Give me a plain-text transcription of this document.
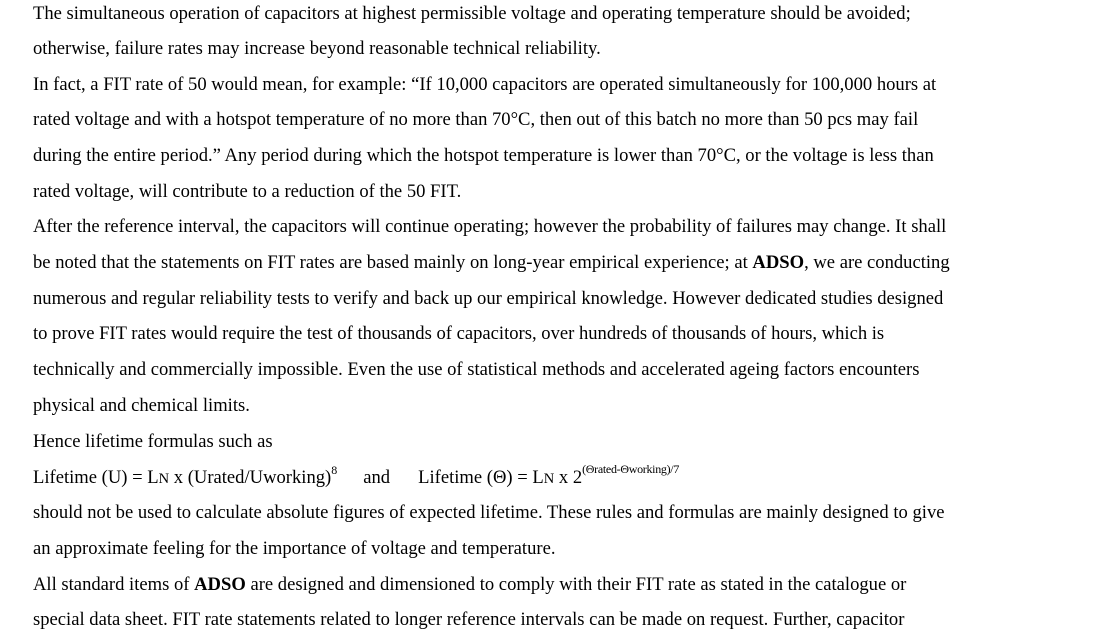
The simultaneous operation of capacitors at highest permissible voltage and operating temperature should be avoided;
otherwise, failure rates may increase beyond reasonable technical reliability.
In fact, a FIT rate of 50 would mean, for example: “If 10,000 capacitors are operated simultaneously for 100,000 hours at
rated voltage and with a hotspot temperature of no more than 70°C, then out of this batch no more than 50 pcs may fail
during the entire period.” Any period during which the hotspot temperature is lower than 70°C, or the voltage is less than
rated voltage, will contribute to a reduction of the 50 FIT.
After the reference interval, the capacitors will continue operating; however the probability of failures may change. It shall
be noted that the statements on FIT rates are based mainly on long-year empirical experience; at ADSO, we are conducting
numerous and regular reliability tests to verify and back up our empirical knowledge. However dedicated studies designed
to prove FIT rates would require the test of thousands of capacitors, over hundreds of thousands of hours, which is
technically and commercially impossible. Even the use of statistical methods and accelerated ageing factors encounters
physical and chemical limits.
Hence lifetime formulas such as
Lifetime (U) = LN x (Urated/Uworking)$^8$ and Lifetime (Θ) = LN x $2^{(\Theta rated-\Theta working)/7}$
should not be used to calculate absolute figures of expected lifetime. These rules and formulas are mainly designed to give
an approximate feeling for the importance of voltage and temperature.
All standard items of ADSO are designed and dimensioned to comply with their FIT rate as stated in the catalogue or
special data sheet. FIT rate statements related to longer reference intervals can be made on request. Further, capacitor
